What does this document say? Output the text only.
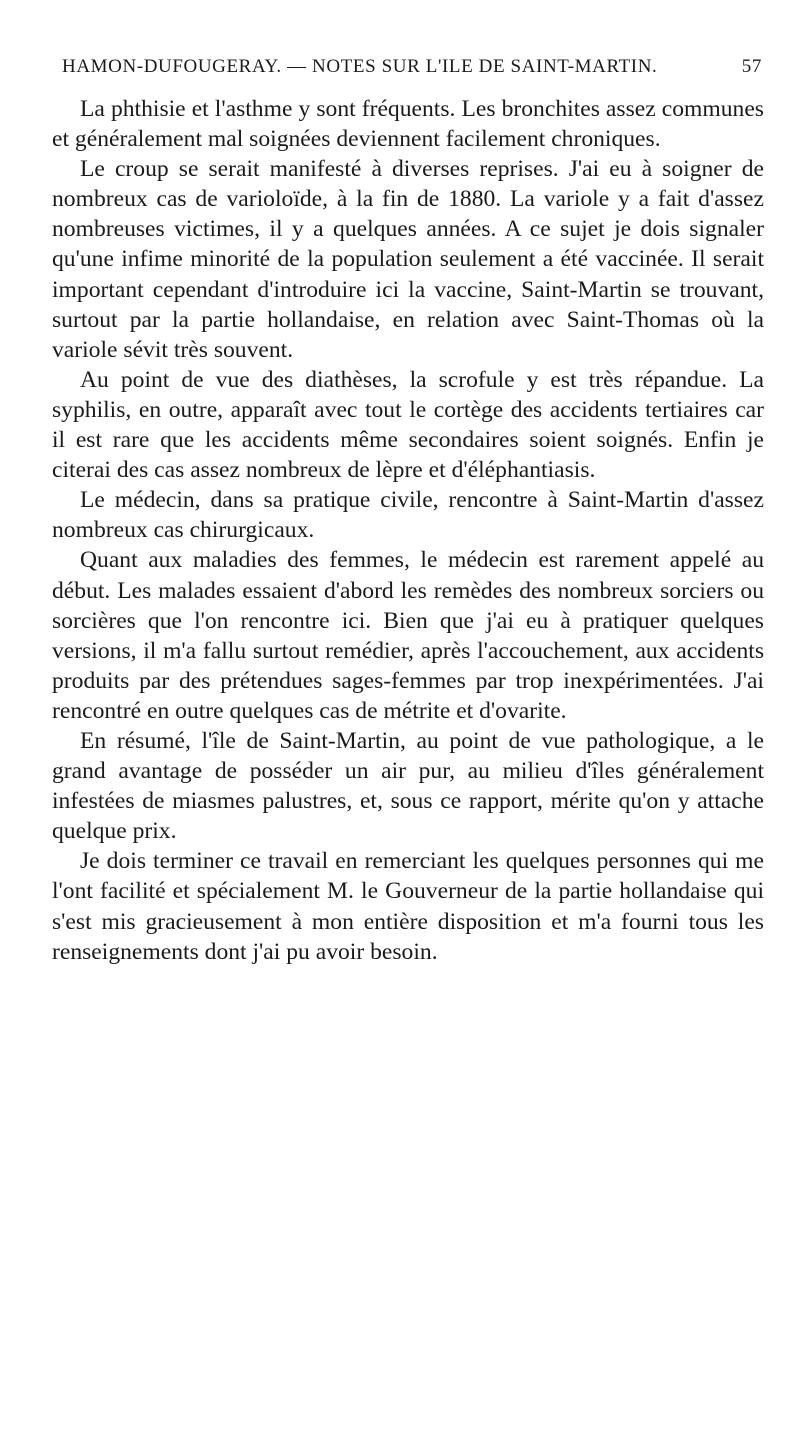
HAMON-DUFOUGERAY. — NOTES SUR L'ILE DE SAINT-MARTIN.	57

La phthisie et l'asthme y sont fréquents. Les bronchites assez communes et généralement mal soignées deviennent facilement chroniques.

Le croup se serait manifesté à diverses reprises. J'ai eu à soigner de nombreux cas de varioloïde, à la fin de 1880. La variole y a fait d'assez nombreuses victimes, il y a quelques années. A ce sujet je dois signaler qu'une infime minorité de la population seulement a été vaccinée. Il serait important cependant d'introduire ici la vaccine, Saint-Martin se trouvant, surtout par la partie hollandaise, en relation avec Saint-Thomas où la variole sévit très souvent.

Au point de vue des diathèses, la scrofule y est très répandue. La syphilis, en outre, apparaît avec tout le cortège des accidents tertiaires car il est rare que les accidents même secondaires soient soignés. Enfin je citerai des cas assez nombreux de lèpre et d'éléphantiasis.

Le médecin, dans sa pratique civile, rencontre à Saint-Martin d'assez nombreux cas chirurgicaux.

Quant aux maladies des femmes, le médecin est rarement appelé au début. Les malades essaient d'abord les remèdes des nombreux sorciers ou sorcières que l'on rencontre ici. Bien que j'ai eu à pratiquer quelques versions, il m'a fallu surtout remédier, après l'accouchement, aux accidents produits par des prétendues sages-femmes par trop inexpérimentées. J'ai rencontré en outre quelques cas de métrite et d'ovarite.

En résumé, l'île de Saint-Martin, au point de vue pathologique, a le grand avantage de posséder un air pur, au milieu d'îles généralement infestées de miasmes palustres, et, sous ce rapport, mérite qu'on y attache quelque prix.

Je dois terminer ce travail en remerciant les quelques personnes qui me l'ont facilité et spécialement M. le Gouverneur de la partie hollandaise qui s'est mis gracieusement à mon entière disposition et m'a fourni tous les renseignements dont j'ai pu avoir besoin.
